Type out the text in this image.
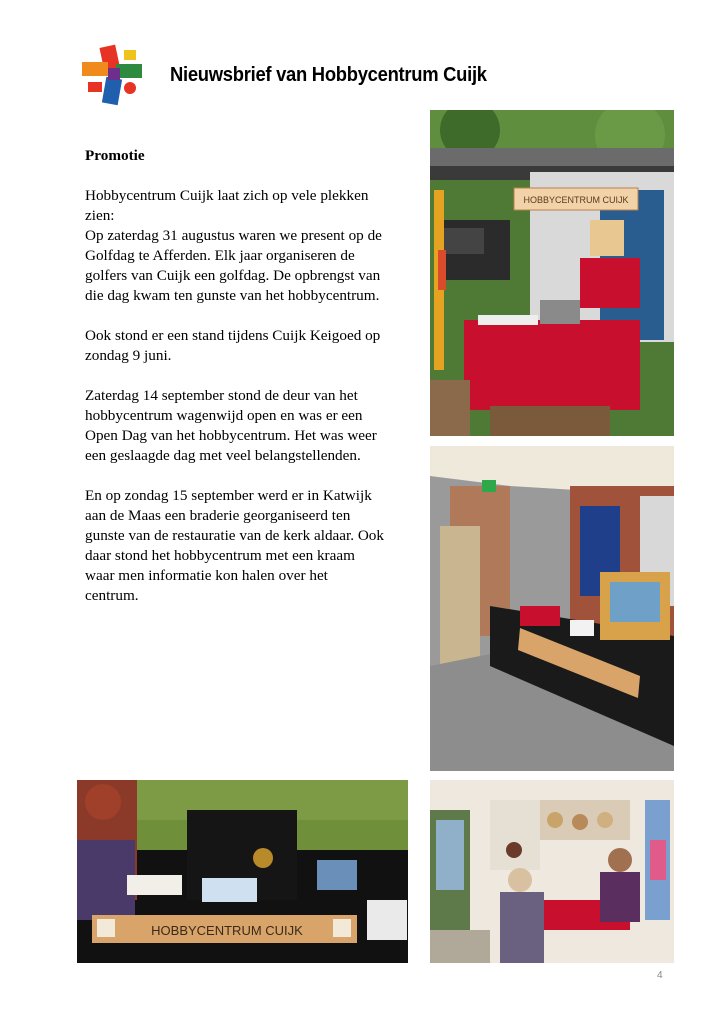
Nieuwsbrief van Hobbycentrum Cuijk
Promotie

Hobbycentrum Cuijk laat zich op vele plekken zien:
Op zaterdag 31 augustus waren we present op de Golfdag te Afferden. Elk jaar organiseren de golfers van Cuijk een golfdag. De opbrengst van die dag kwam ten gunste van het hobbycentrum.

Ook stond er een stand tijdens Cuijk Keigoed op zondag 9 juni.

Zaterdag 14 september stond de deur van het hobbycentrum wagenwijd open en was er een Open Dag van het hobbycentrum. Het was weer een geslaagde dag met veel belangstellenden.

En op zondag 15 september werd er in Katwijk aan de Maas een braderie georganiseerd ten gunste van de restauratie van de kerk aldaar. Ook daar stond het hobbycentrum met een kraam waar men informatie kon halen over het centrum.

HOBBYCENTRUM CUIJK
HOBBYCENTRUM CUIJK
4
